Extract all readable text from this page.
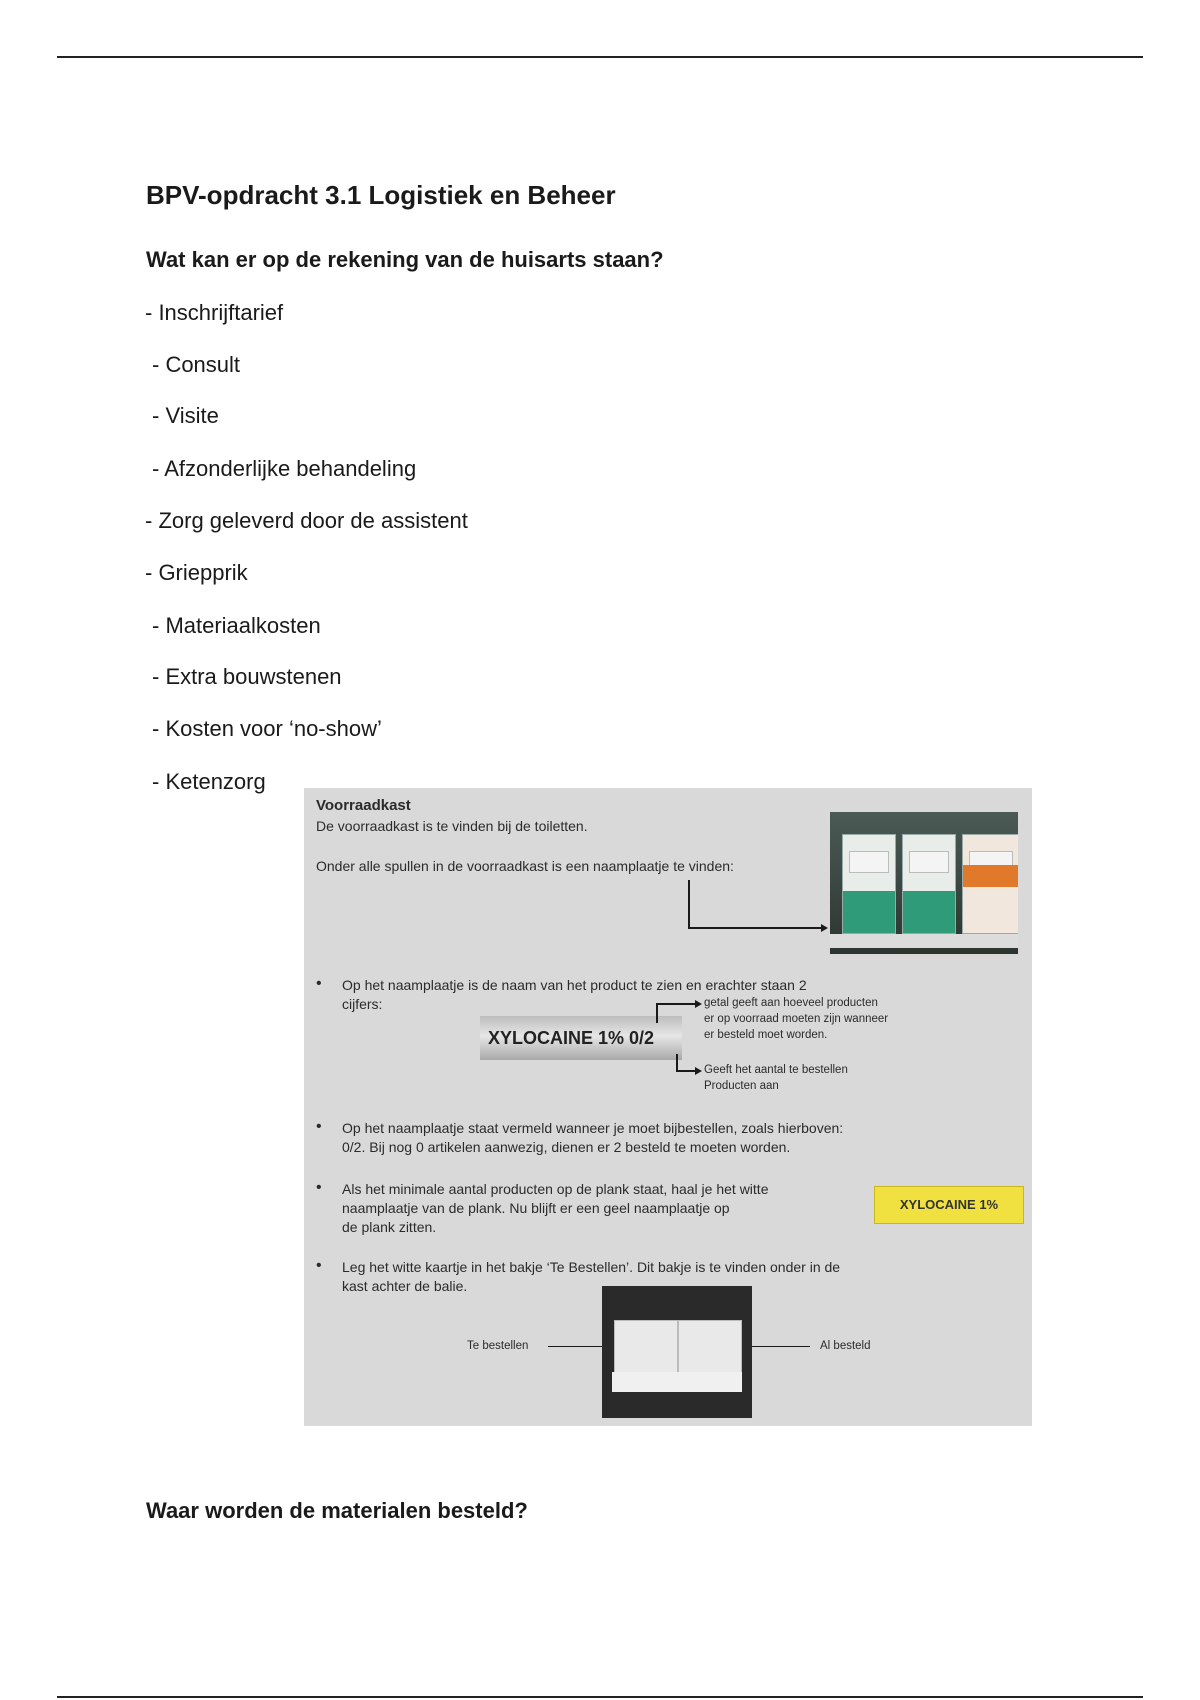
BPV-opdracht 3.1 Logistiek en Beheer
Wat kan er op de rekening van de huisarts staan?
- Inschrijftarief
- Consult
- Visite
- Afzonderlijke behandeling
- Zorg geleverd door de assistent
- Griepprik
- Materiaalkosten
- Extra bouwstenen
- Kosten voor ‘no-show’
- Ketenzorg
Voorraadkast
De voorraadkast is te vinden bij de toiletten.
Onder alle spullen in de voorraadkast is een naamplaatje te vinden:
• Op het naamplaatje is de naam van het product te zien en erachter staan 2
cijfers:
XYLOCAINE 1% 0/2
getal geeft aan hoeveel producten
er op voorraad moeten zijn wanneer
er besteld moet worden.
Geeft het aantal te bestellen
Producten aan
• Op het naamplaatje staat vermeld wanneer je moet bijbestellen, zoals hierboven:
0/2. Bij nog 0 artikelen aanwezig, dienen er 2 besteld te moeten worden.
• Als het minimale aantal producten op de plank staat, haal je het witte
naamplaatje van de plank. Nu blijft er een geel naamplaatje op
de plank zitten.
XYLOCAINE 1%
• Leg het witte kaartje in het bakje ‘Te Bestellen’. Dit bakje is te vinden onder in de
kast achter de balie.
Te bestellen	Al besteld
Waar worden de materialen besteld?
